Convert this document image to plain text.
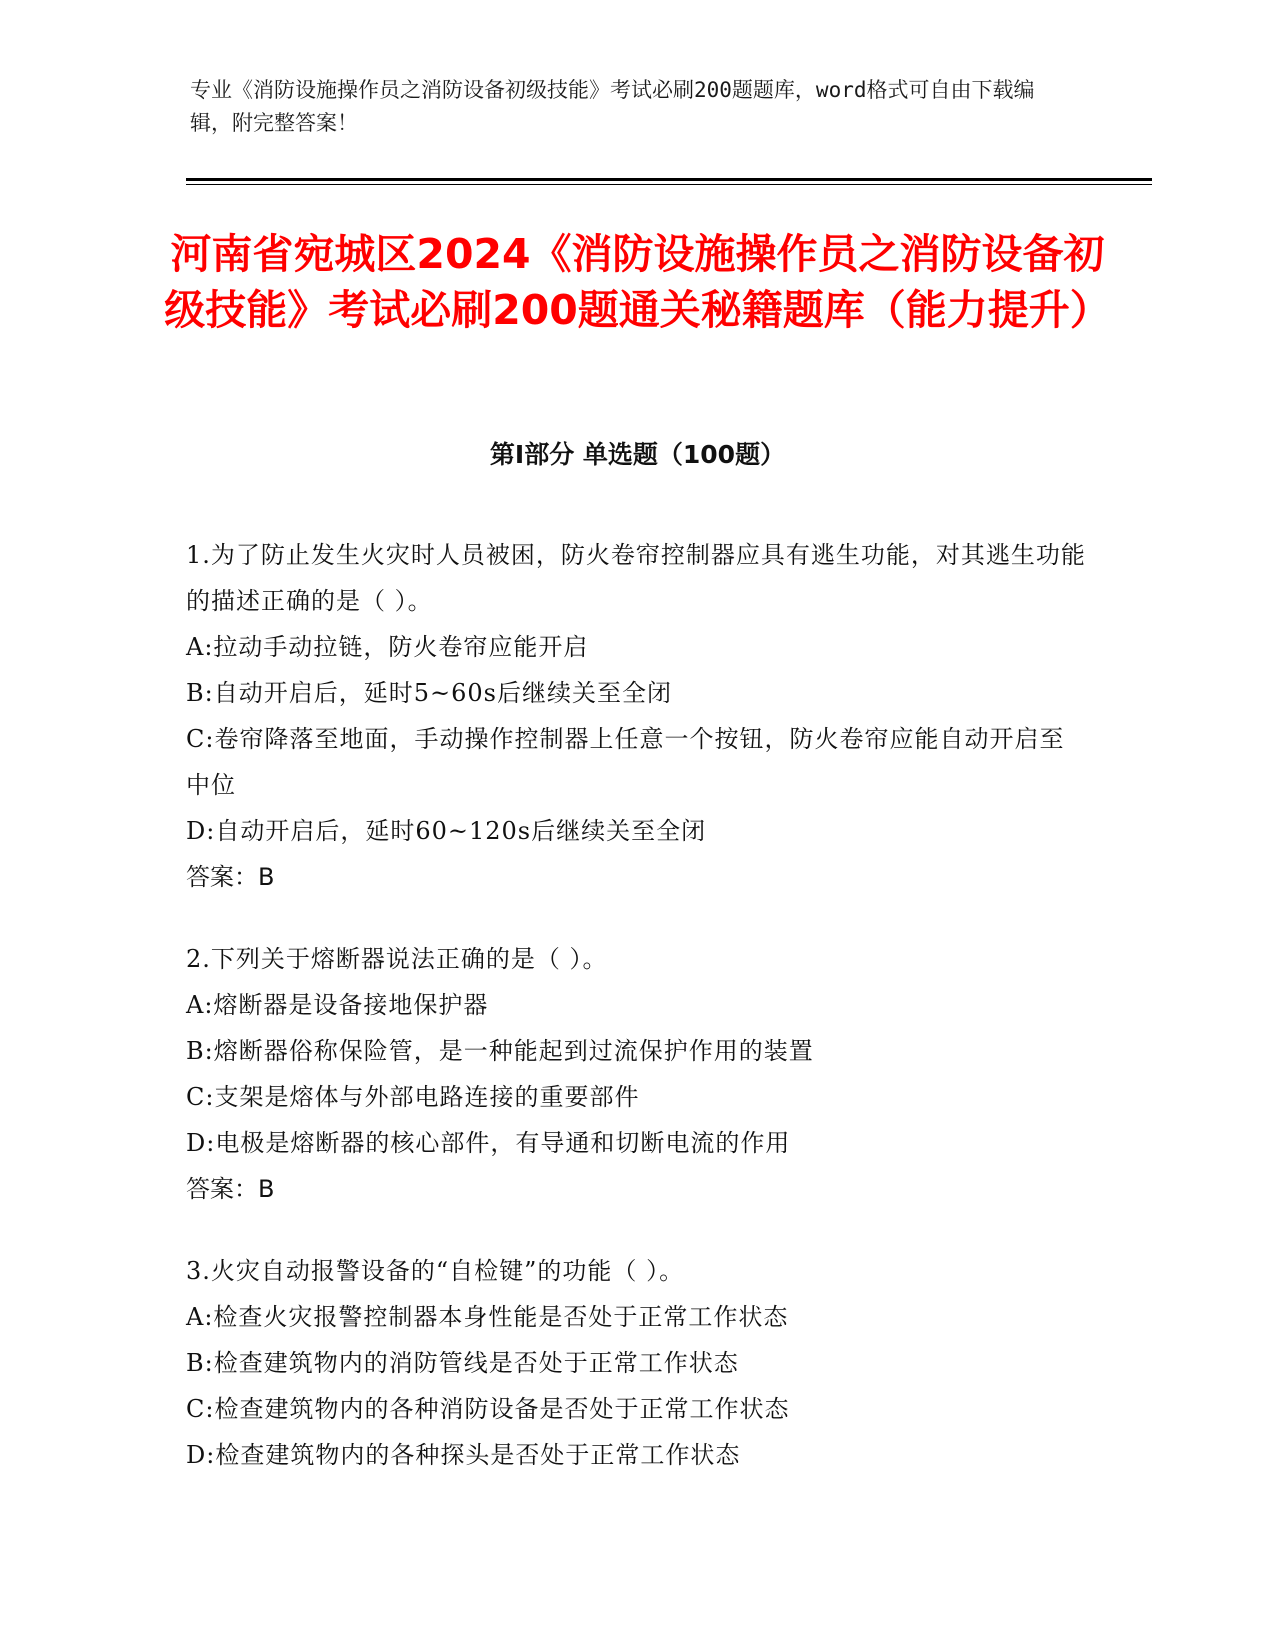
专业《消防设施操作员之消防设备初级技能》考试必刷200题题库，word格式可自由下载编辑，附完整答案！
河南省宛城区2024《消防设施操作员之消防设备初级技能》考试必刷200题通关秘籍题库（能力提升）
第I部分 单选题（100题）
1.为了防止发生火灾时人员被困，防火卷帘控制器应具有逃生功能，对其逃生功能的描述正确的是（ ）。
A:拉动手动拉链，防火卷帘应能开启
B:自动开启后，延时5~60s后继续关至全闭
C:卷帘降落至地面，手动操作控制器上任意一个按钮，防火卷帘应能自动开启至中位
D:自动开启后，延时60~120s后继续关至全闭
答案：B
2.下列关于熔断器说法正确的是（ ）。
A:熔断器是设备接地保护器
B:熔断器俗称保险管，是一种能起到过流保护作用的装置
C:支架是熔体与外部电路连接的重要部件
D:电极是熔断器的核心部件，有导通和切断电流的作用
答案：B
3.火灾自动报警设备的“自检键”的功能（ ）。
A:检查火灾报警控制器本身性能是否处于正常工作状态
B:检查建筑物内的消防管线是否处于正常工作状态
C:检查建筑物内的各种消防设备是否处于正常工作状态
D:检查建筑物内的各种探头是否处于正常工作状态
